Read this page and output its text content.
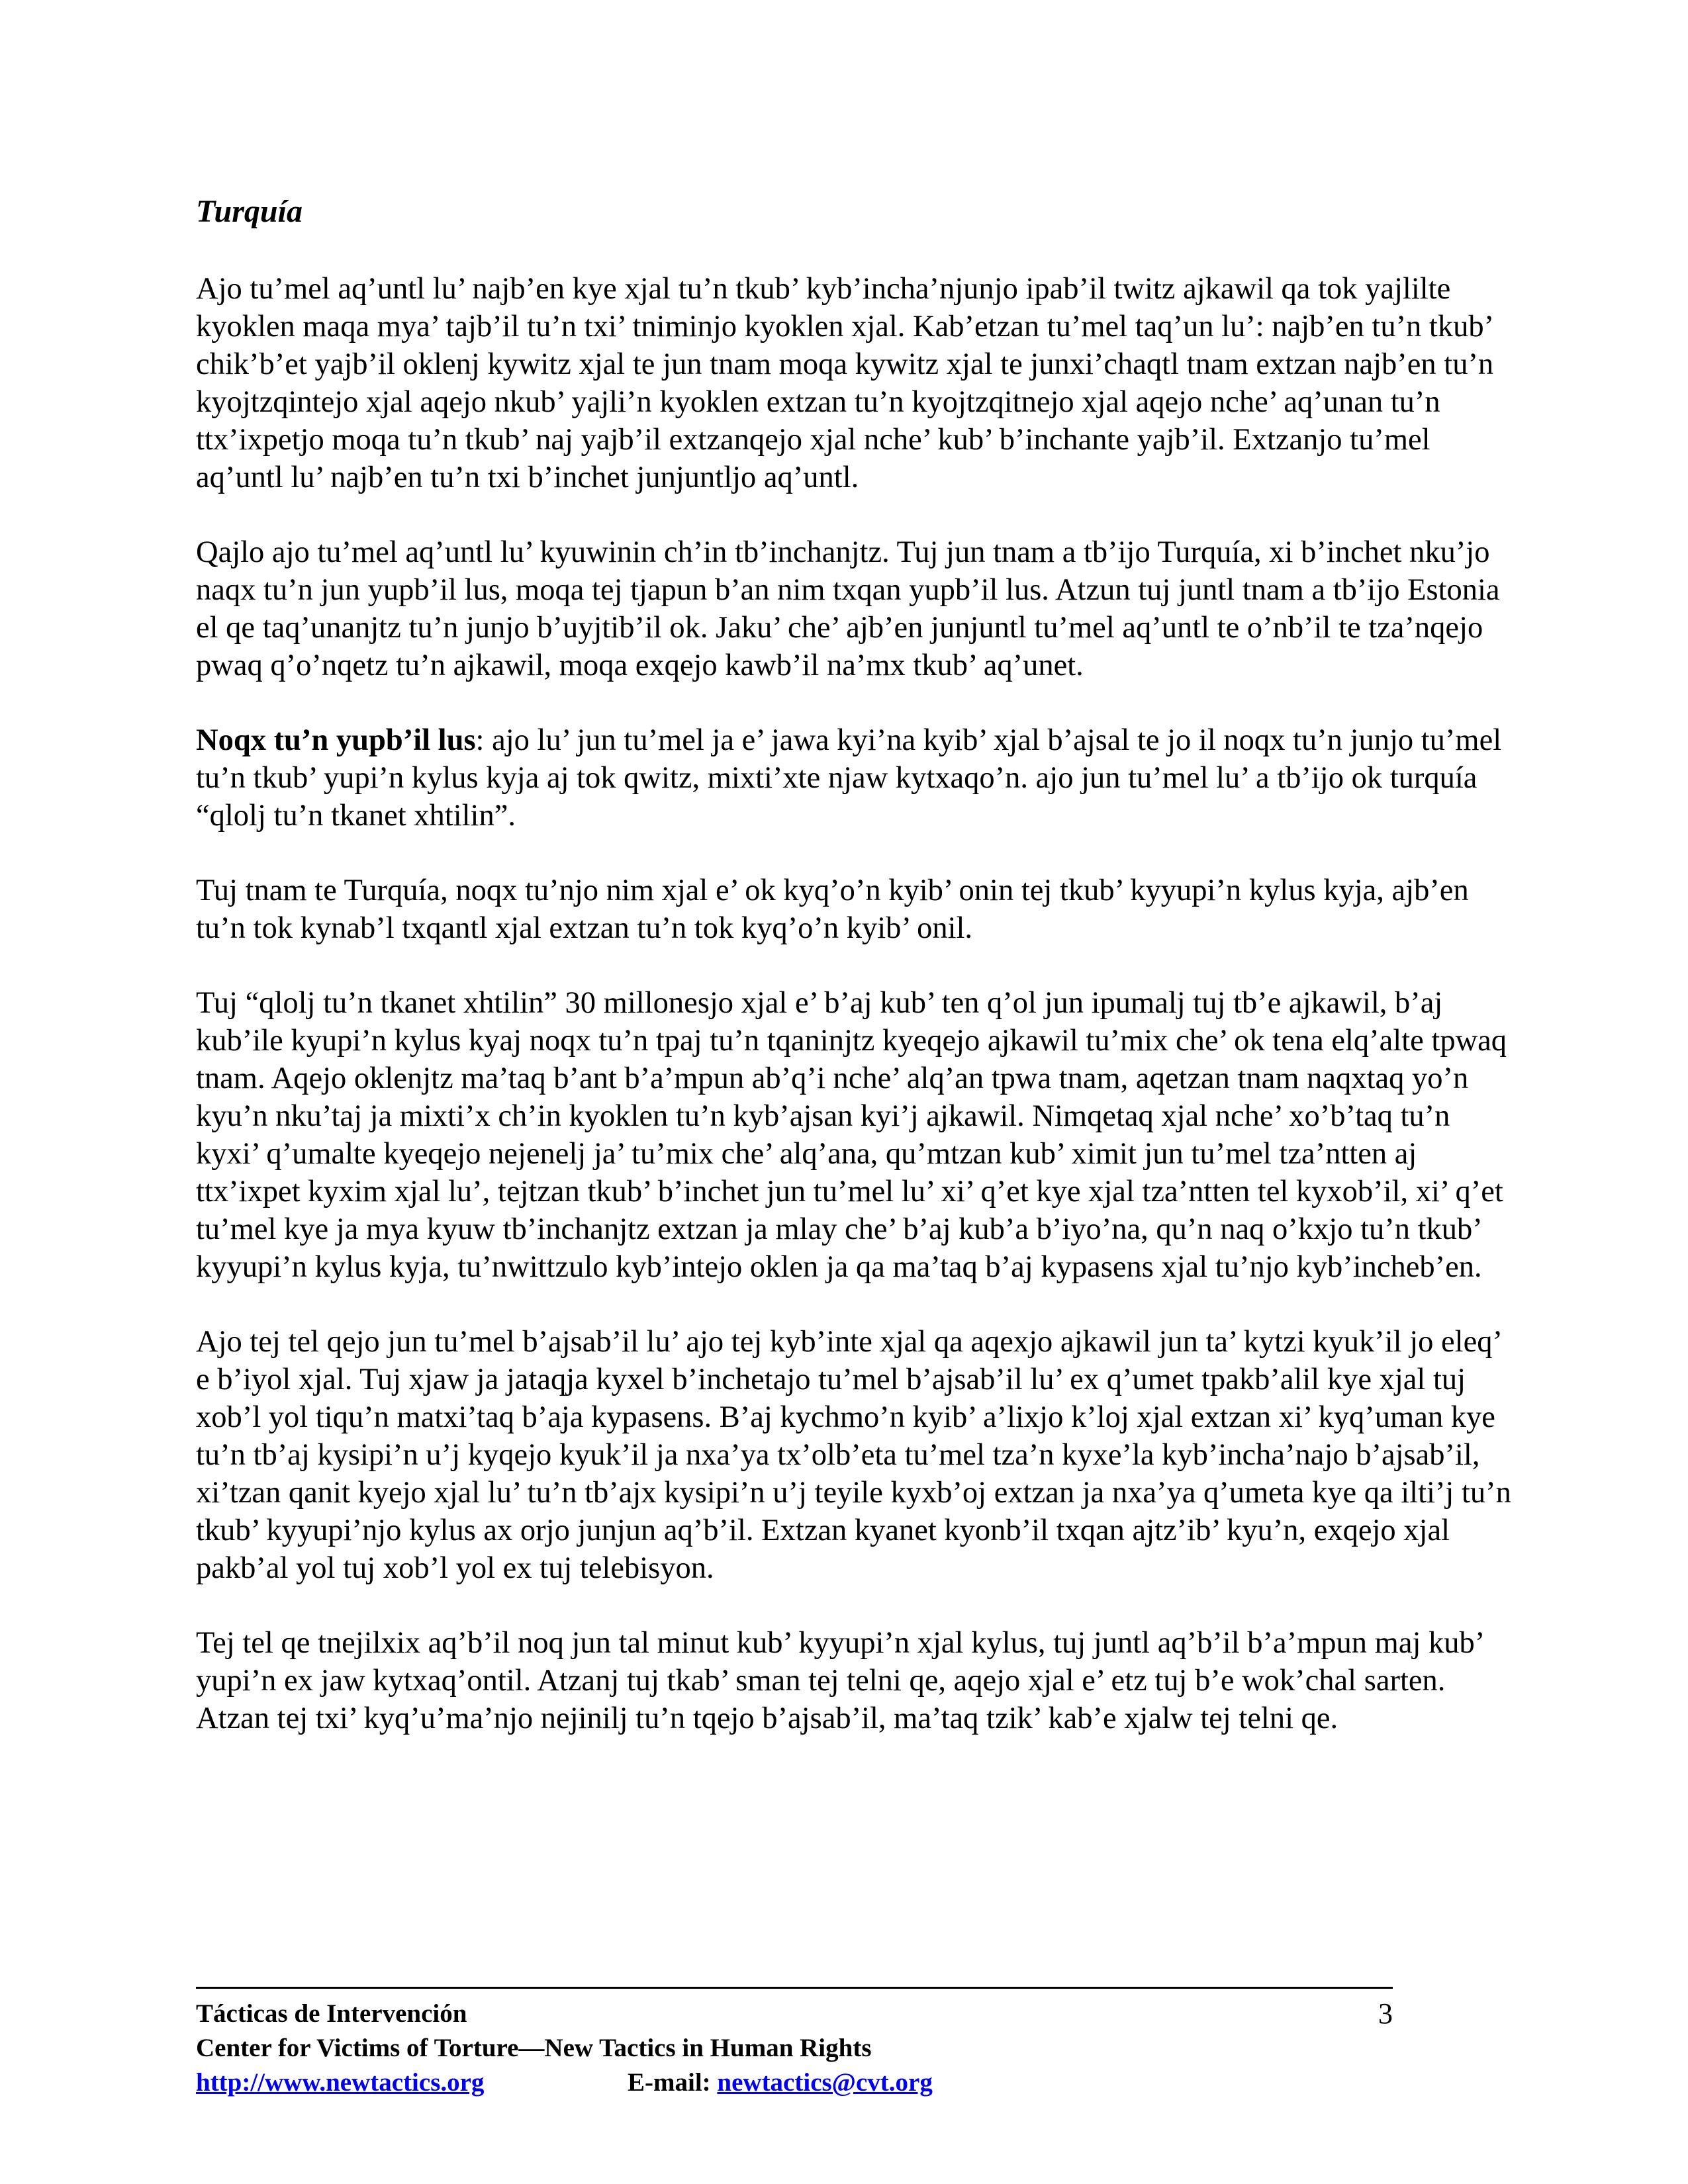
Turquía

Ajo tu’mel aq’untl lu’ najb’en kye xjal tu’n tkub’ kyb’incha’njunjo ipab’il twitz ajkawil qa tok yajlilte kyoklen maqa mya’ tajb’il tu’n txi’ tniminjo kyoklen xjal. Kab’etzan tu’mel taq’un lu’: najb’en tu’n tkub’ chik’b’et yajb’il oklenj kywitz xjal te jun tnam moqa kywitz xjal te junxi’chaqtl tnam extzan najb’en tu’n kyojtzqintejo xjal aqejo nkub’ yajli’n kyoklen extzan tu’n kyojtzqitnejo xjal aqejo nche’ aq’unan tu’n ttx’ixpetjo moqa tu’n tkub’ naj yajb’il extzanqejo xjal nche’ kub’ b’inchante yajb’il. Extzanjo tu’mel aq’untl lu’ najb’en tu’n txi b’inchet junjuntljo aq’untl.

Qajlo ajo tu’mel aq’untl lu’ kyuwinin ch’in tb’inchanjtz. Tuj jun tnam a tb’ijo Turquía, xi b’inchet nku’jo naqx tu’n jun yupb’il lus, moqa tej tjapun b’an nim txqan yupb’il lus. Atzun tuj juntl tnam a tb’ijo Estonia el qe taq’unanjtz tu’n junjo b’uyjtib’il ok. Jaku’ che’ ajb’en junjuntl tu’mel aq’untl te o’nb’il te tza’nqejo pwaq q’o’nqetz tu’n ajkawil, moqa exqejo kawb’il na’mx tkub’ aq’unet.

Noqx tu’n yupb’il lus: ajo lu’ jun tu’mel ja e’ jawa kyi’na kyib’ xjal b’ajsal te jo il noqx tu’n junjo tu’mel tu’n tkub’ yupi’n kylus kyja aj tok qwitz, mixti’xte njaw kytxaqo’n. ajo jun tu’mel lu’ a tb’ijo ok turquía “qlolj tu’n tkanet xhtilin”.

Tuj tnam te Turquía, noqx tu’njo nim xjal e’ ok kyq’o’n kyib’ onin tej tkub’ kyyupi’n kylus kyja, ajb’en tu’n tok kynab’l txqantl xjal extzan tu’n tok kyq’o’n kyib’ onil.

Tuj “qlolj tu’n tkanet xhtilin” 30 millonesjo xjal e’ b’aj kub’ ten q’ol jun ipumalj tuj tb’e ajkawil, b’aj kub’ile kyupi’n kylus kyaj noqx tu’n tpaj tu’n tqaninjtz kyeqejo ajkawil tu’mix che’ ok tena elq’alte tpwaq tnam. Aqejo oklenjtz ma’taq b’ant b’a’mpun ab’q’i nche’ alq’an tpwa tnam, aqetzan tnam naqxtaq yo’n kyu’n nku’taj ja mixti’x ch’in kyoklen tu’n kyb’ajsan kyi’j ajkawil. Nimqetaq xjal nche’ xo’b’taq tu’n kyxi’ q’umalte kyeqejo nejenelj ja’ tu’mix che’ alq’ana, qu’mtzan kub’ ximit jun tu’mel tza’ntten aj ttx’ixpet kyxim xjal lu’, tejtzan tkub’ b’inchet jun tu’mel lu’ xi’ q’et kye xjal tza’ntten tel kyxob’il, xi’ q’et tu’mel kye ja mya kyuw tb’inchanjtz extzan ja mlay che’ b’aj kub’a b’iyo’na, qu’n naq o’kxjo tu’n tkub’ kyyupi’n kylus kyja, tu’nwittzulo kyb’intejo oklen ja qa ma’taq b’aj kypasens xjal tu’njo kyb’incheb’en.

Ajo tej tel qejo jun tu’mel b’ajsab’il lu’ ajo tej kyb’inte xjal qa aqexjo ajkawil jun ta’ kytzi kyuk’il jo eleq’ e b’iyol xjal. Tuj xjaw ja jataqja kyxel b’inchetajo tu’mel b’ajsab’il lu’ ex q’umet tpakb’alil kye xjal tuj xob’l yol tiqu’n matxi’taq b’aja kypasens. B’aj kychmo’n kyib’ a’lixjo k’loj xjal extzan xi’ kyq’uman kye tu’n tb’aj kysipi’n u’j kyqejo kyuk’il ja nxa’ya tx’olb’eta tu’mel tza’n kyxe’la kyb’incha’najo b’ajsab’il, xi’tzan qanit kyejo xjal lu’ tu’n tb’ajx kysipi’n u’j teyile kyxb’oj extzan ja nxa’ya q’umeta kye qa ilti’j tu’n tkub’ kyyupi’njo kylus ax orjo junjun aq’b’il. Extzan kyanet kyonb’il txqan ajtz’ib’ kyu’n, exqejo xjal pakb’al yol tuj xob’l yol ex tuj telebisyon.

Tej tel qe tnejilxix aq’b’il noq jun tal minut kub’ kyyupi’n xjal kylus, tuj juntl aq’b’il b’a’mpun maj kub’ yupi’n ex jaw kytxaq’ontil. Atzanj tuj tkab’ sman tej telni qe, aqejo xjal e’ etz tuj b’e wok’chal sarten. Atzan tej txi’ kyq’u’ma’njo nejinilj tu’n tqejo b’ajsab’il, ma’taq tzik’ kab’e xjalw tej telni qe.

Tácticas de Intervención	3
Center for Victims of Torture—New Tactics in Human Rights
http://www.newtactics.org	E-mail: newtactics@cvt.org
